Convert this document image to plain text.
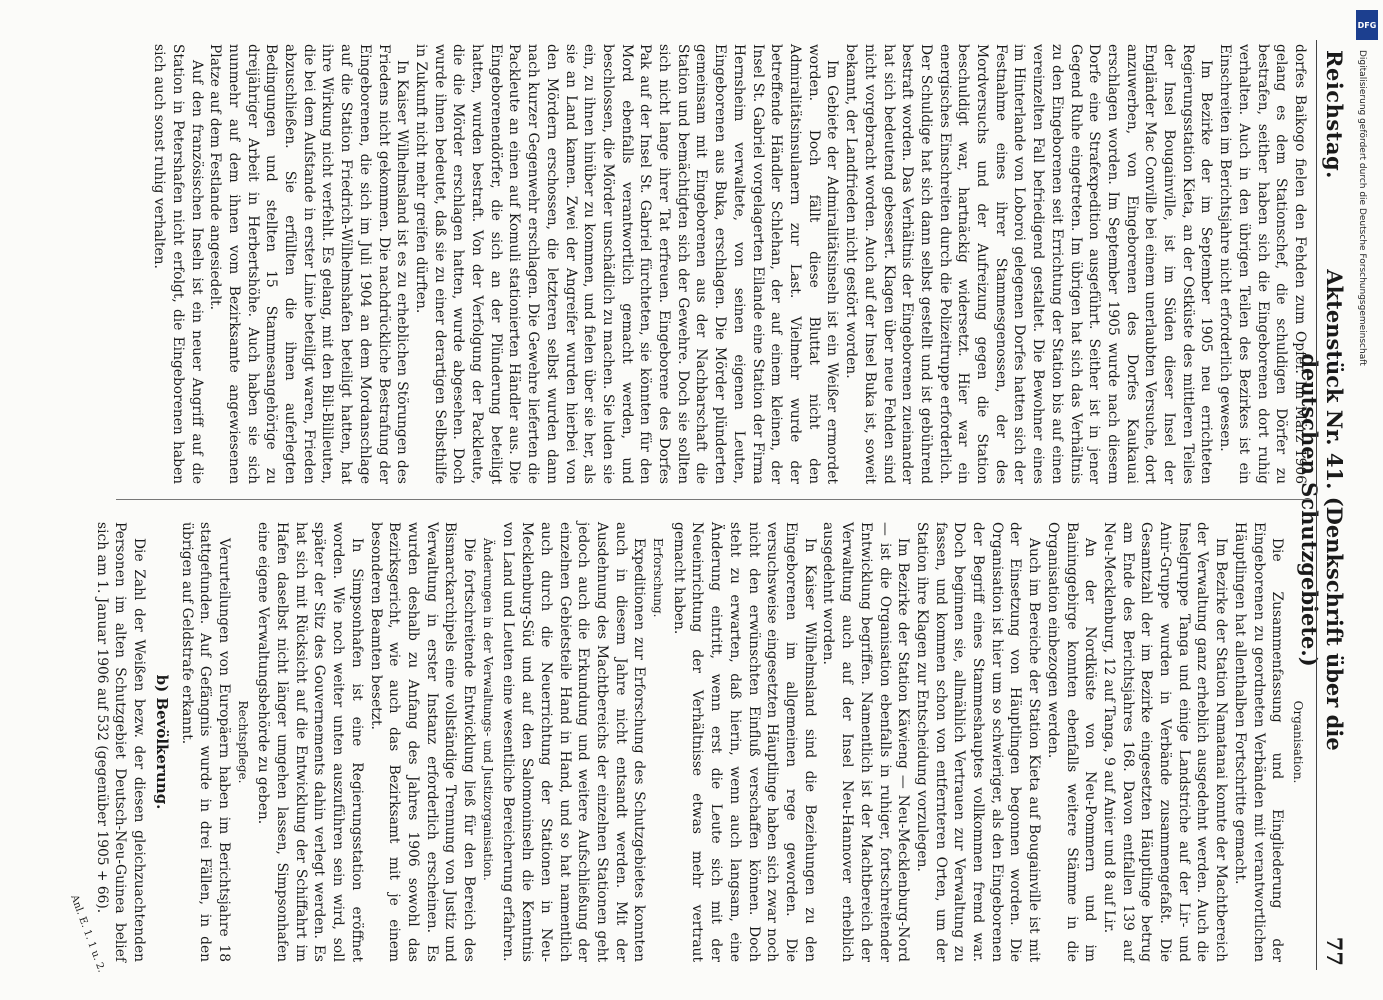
Reichstag.
Aktenstück Nr. 41. (Denkschrift über die deutschen Schutzgebiete.)
77

dorfes Baikogo fielen den Fehden zum Opfer. Im März 1906 gelang es dem Stationschef, die schuldigen Dörfer zu bestrafen, seither haben sich die Eingeborenen dort ruhig verhalten. Auch in den übrigen Teilen des Bezirkes ist ein Einschreiten im Berichtsjahre nicht erforderlich gewesen.

Im Bezirke der im September 1905 neu errichteten Regierungsstation Kieta, an der Ostküste des mittleren Teiles der Insel Bougainville, ist im Süden dieser Insel der Engländer Mac Conville bei einem unerlaubten Versuche, dort anzuwerben, von Eingeborenen des Dorfes Kaukauai erschlagen worden. Im September 1905 wurde nach diesem Dorfe eine Strafexpedition ausgeführt. Seither ist in jener Gegend Ruhe eingetreten. Im übrigen hat sich das Verhältnis zu den Eingeborenen seit Errichtung der Station bis auf einen vereinzelten Fall befriedigend gestaltet. Die Bewohner eines im Hinterlande von Loboroi gelegenen Dorfes hatten sich der Festnahme eines ihrer Stammesgenossen, der des Mordversuchs und der Aufreizung gegen die Station beschuldigt war, hartnäckig widersetzt. Hier war ein energisches Einschreiten durch die Polizeitruppe erforderlich. Der Schuldige hat sich dann selbst gestellt und ist gebührend bestraft worden. Das Verhältnis der Eingeborenen zueinander hat sich bedeutend gebessert. Klagen über neue Fehden sind nicht vorgebracht worden. Auch auf der Insel Buka ist, soweit bekannt, der Landfrieden nicht gestört worden.

Im Gebiete der Admiralitätsinseln ist ein Weißer ermordet worden. Doch fällt diese Bluttat nicht den Admiralitätsinsulanern zur Last. Vielmehr wurde der betreffende Händler Schlehan, der auf einem kleinen, der Insel St. Gabriel vorgelagerten Eilande eine Station der Firma Hernsheim verwaltete, von seinen eigenen Leuten, Eingeborenen aus Buka, erschlagen. Die Mörder plünderten gemeinsam mit Eingeborenen aus der Nachbarschaft die Station und bemächtigten sich der Gewehre. Doch sie sollten sich nicht lange ihrer Tat erfreuen. Eingeborene des Dorfes Pak auf der Insel St. Gabriel fürchteten, sie könnten für den Mord ebenfalls verantwortlich gemacht werden, und beschlossen, die Mörder unschädlich zu machen. Sie luden sie ein, zu ihnen hinüber zu kommen, und fielen über sie her, als sie an Land kamen. Zwei der Angreifer wurden hierbei von den Mördern erschossen, die letzteren selbst wurden dann nach kurzer Gegenwehr erschlagen. Die Gewehre lieferten die Packleute an einen auf Komuli stationierten Händler aus. Die Eingeborenendörfer, die sich an der Plünderung beteiligt hatten, wurden bestraft. Von der Verfolgung der Packleute, die die Mörder erschlagen hatten, wurde abgesehen. Doch wurde ihnen bedeutet, daß sie zu einer derartigen Selbsthilfe in Zukunft nicht mehr greifen dürften.

In Kaiser Wilhelmsland ist es zu erheblichen Störungen des Friedens nicht gekommen. Die nachdrückliche Bestrafung der Eingeborenen, die sich im Juli 1904 an dem Mordanschlage auf die Station Friedrich-Wilhelmshafen beteiligt hatten, hat ihre Wirkung nicht verfehlt. Es gelang, mit den Bili-Bilileuten, die bei dem Aufstande in erster Linie beteiligt waren, Frieden abzuschließen. Sie erfüllten die ihnen auferlegten Bedingungen und stellten 15 Stammesangehörige zu dreijähriger Arbeit in Herbertshöhe. Auch haben sie sich nunmehr auf dem ihnen vom Bezirksamte angewiesenen Platze auf dem Festlande angesiedelt.

Auf den französischen Inseln ist ein neuer Angriff auf die Station in Petershafen nicht erfolgt, die Eingeborenen haben sich auch sonst ruhig verhalten.

Organisation.

Die Zusammenfassung und Eingliederung der Eingeborenen zu geordneten Verbänden mit verantwortlichen Häuptlingen hat allenthalben Fortschritte gemacht.

Im Bezirke der Station Namatanai konnte der Machtbereich der Verwaltung ganz erheblich ausgedehnt werden. Auch die Inselgruppe Tanga und einige Landstriche auf der Lir- und Anir-Gruppe wurden in Verbände zusammengefaßt. Die Gesamtzahl der im Bezirke eingesetzten Häuptlinge betrug am Ende des Berichtsjahres 168. Davon entfallen 139 auf Neu-Mecklenburg, 12 auf Tanga, 9 auf Anier und 8 auf Lir.

An der Nordküste von Neu-Pommern und im Baininggebirge konnten ebenfalls weitere Stämme in die Organisation einbezogen werden.

Auch im Bereiche der Station Kieta auf Bougainville ist mit der Einsetzung von Häuptlingen begonnen worden. Die Organisation ist hier um so schwieriger, als den Eingeborenen der Begriff eines Stammeshauptes vollkommen fremd war. Doch beginnen sie, allmählich Vertrauen zur Verwaltung zu fassen, und kommen schon von entfernteren Orten, um der Station ihre Klagen zur Entscheidung vorzulegen.

Im Bezirke der Station Käwieng — Neu-Mecklenburg-Nord — ist die Organisation ebenfalls in ruhiger, fortschreitender Entwicklung begriffen. Namentlich ist der Machtbereich der Verwaltung auch auf der Insel Neu-Hannover erheblich ausgedehnt worden.

In Kaiser Wilhelmsland sind die Beziehungen zu den Eingeborenen im allgemeinen rege geworden. Die versuchsweise eingesetzten Häuptlinge haben sich zwar noch nicht den erwünschten Einfluß verschaffen können. Doch steht zu erwarten, daß hierin, wenn auch langsam, eine Änderung eintritt, wenn erst die Leute sich mit der Neueinrichtung der Verhältnisse etwas mehr vertraut gemacht haben.

Erforschung.

Expeditionen zur Erforschung des Schutzgebietes konnten auch in diesem Jahre nicht entsandt werden. Mit der Ausdehnung des Machtbereichs der einzelnen Stationen geht jedoch auch die Erkundung und weitere Aufschließung der einzelnen Gebietsteile Hand in Hand, und so hat namentlich auch durch die Neuerrichtung der Stationen in Neu-Mecklenburg-Süd und auf den Salomoninseln die Kenntnis von Land und Leuten eine wesentliche Bereicherung erfahren.

Änderungen in der Verwaltungs- und Justizorganisation.

Die fortschreitende Entwicklung ließ für den Bereich des Bismarckarchipels eine vollständige Trennung von Justiz und Verwaltung in erster Instanz erforderlich erscheinen. Es wurden deshalb zu Anfang des Jahres 1906 sowohl das Bezirksgericht, wie auch das Bezirksamt mit je einem besonderen Beamten besetzt.

In Simpsonhafen ist eine Regierungsstation eröffnet worden. Wie noch weiter unten auszuführen sein wird, soll später der Sitz des Gouvernements dahin verlegt werden. Es hat sich mit Rücksicht auf die Entwicklung der Schiffahrt im Hafen daselbst nicht länger umgehen lassen, Simpsonhafen eine eigene Verwaltungsbehörde zu geben.

Rechtspflege.

Verurteilungen von Europäern haben im Berichtsjahre 18 stattgefunden. Auf Gefängnis wurde in drei Fällen, in den übrigen auf Geldstrafe erkannt.

b) Bevölkerung.

Die Zahl der Weißen bezw. der diesen gleichzuachtenden Personen im alten Schutzgebiet Deutsch-Neu-Guinea belief sich am 1. Januar 1906 auf 532 (gegenüber 1905 + 66).

Anl. E. 1. 1 u. 2.
DFG
Digitalisierung gefördert durch die Deutsche Forschungsgemeinschaft
